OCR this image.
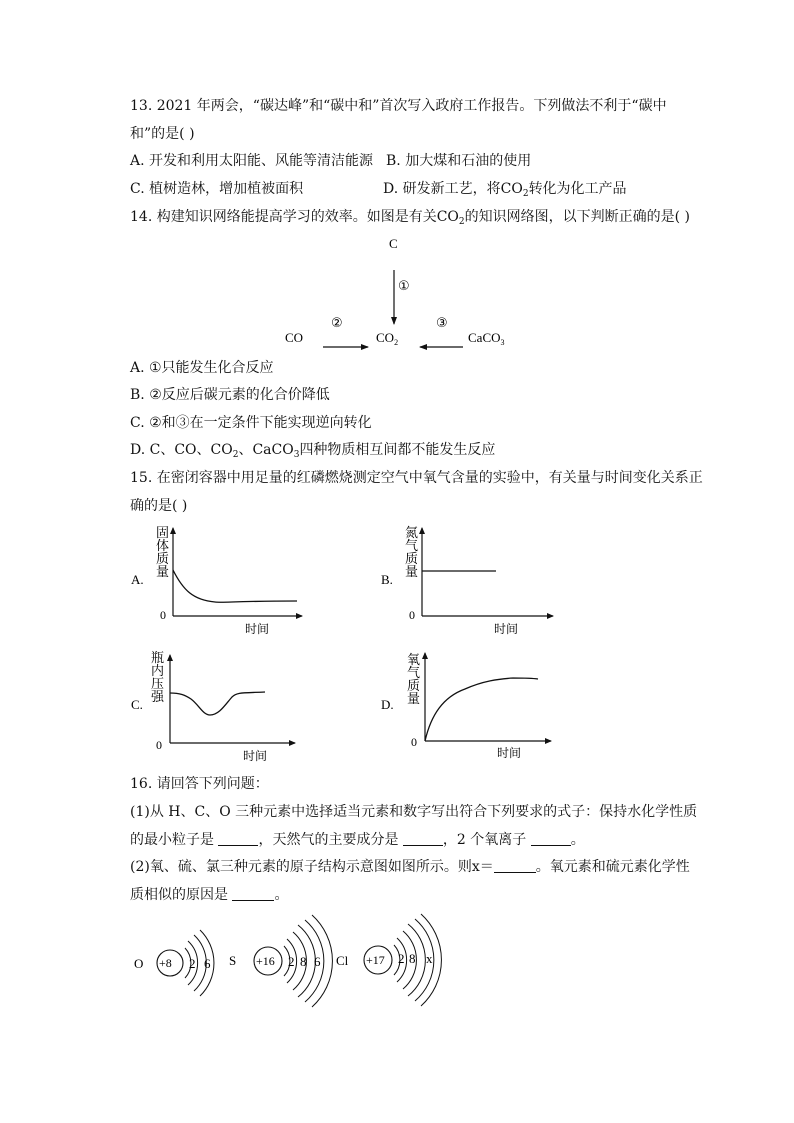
13. 2021 年两会，“碳达峰”和“碳中和”首次写入政府工作报告。下列做法不利于“碳中
和”的是( )
A. 开发和利用太阳能、风能等清洁能源 B. 加大煤和石油的使用
C. 植树造林，增加植被面积	D. 研发新工艺，将$CO_2$转化为化工产品
14. 构建知识网络能提高学习的效率。如图是有关$CO_2$的知识网络图，以下判断正确的是( )
C
①
②	③
CO	$CO_2$	CaCO$_3$
A. ①只能发生化合反应
B. ②反应后碳元素的化合价降低
C. ②和③在一定条件下能实现逆向转化
D. C、CO、$CO_2$、CaCO$_3$四种物质相互间都不能发生反应
15. 在密闭容器中用足量的红磷燃烧测定空气中氧气含量的实验中，有关量与时间变化关系正
确的是( )
A.
固
体
质
量
0
时间
B.
氮
气
质
量
0
时间
C.
瓶
内
压
强
0
时间
D.
氧
气
质
量
0
时间
16. 请回答下列问题：
(1)从 H、C、O 三种元素中选择适当元素和数字写出符合下列要求的式子：保持水化学性质
的最小粒子是	，天然气的主要成分是	，2 个氧离子	。
(2)氧、硫、氯三种元素的原子结构示意图如图所示。则x＝	。氧元素和硫元素化学性
质相似的原因是	。
O +8 2 6 S +16 2 8 6 Cl +17 2 8 x
